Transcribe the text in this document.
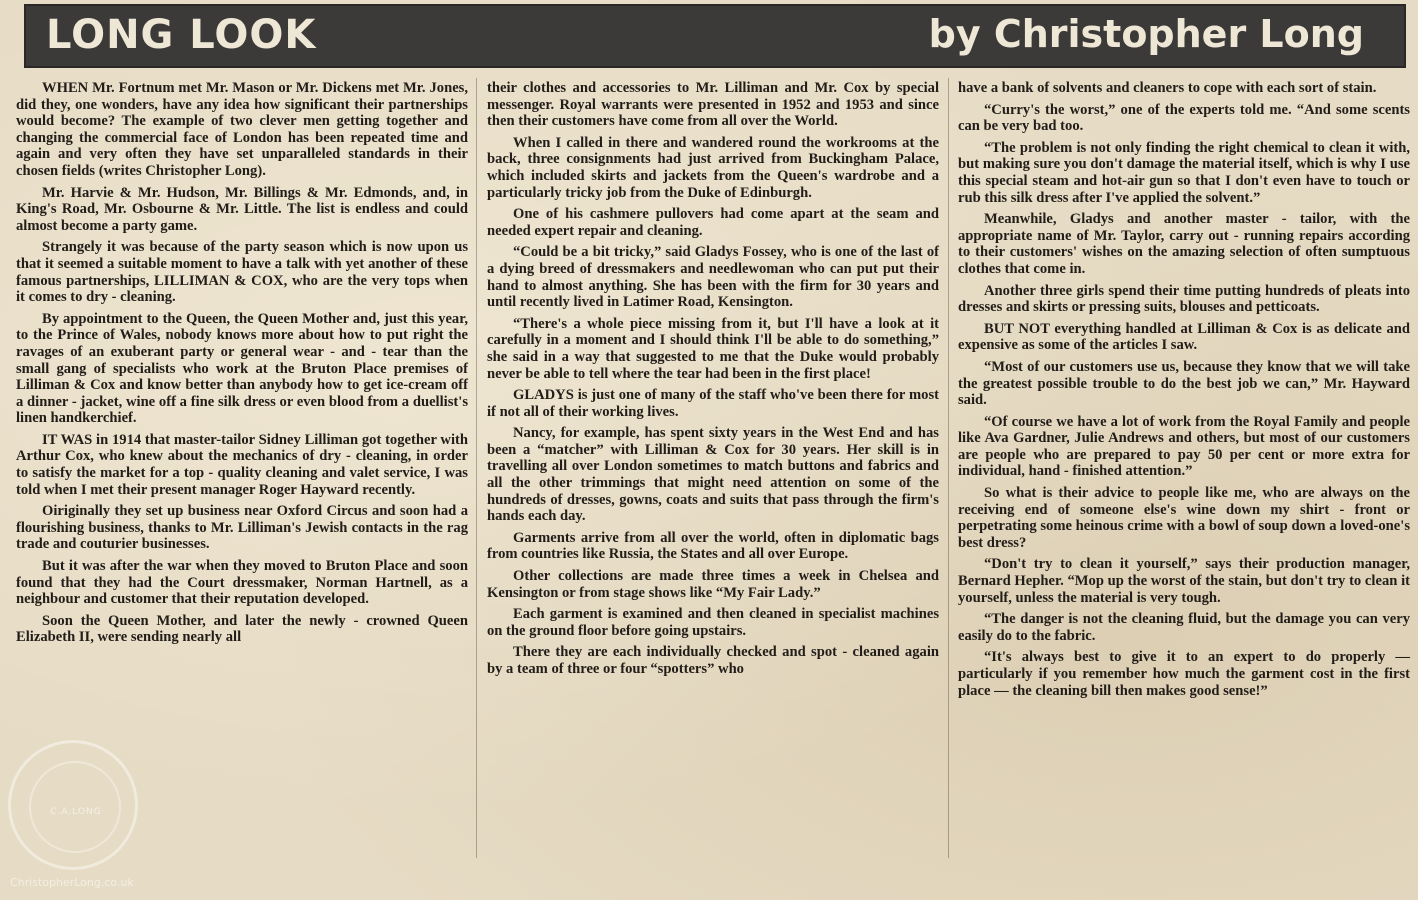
LONG LOOK	by Christopher Long

WHEN Mr. Fortnum met Mr. Mason or Mr. Dickens met Mr. Jones, did they, one wonders, have any idea how significant their partnerships would become? The example of two clever men getting together and changing the commercial face of London has been repeated time and again and very often they have set unparalleled standards in their chosen fields (writes Christopher Long).

Mr. Harvie & Mr. Hudson, Mr. Billings & Mr. Edmonds, and, in King's Road, Mr. Osbourne & Mr. Little. The list is endless and could almost become a party game.

Strangely it was because of the party season which is now upon us that it seemed a suitable moment to have a talk with yet another of these famous partnerships, LILLIMAN & COX, who are the very tops when it comes to dry - cleaning.

By appointment to the Queen, the Queen Mother and, just this year, to the Prince of Wales, nobody knows more about how to put right the ravages of an exuberant party or general wear - and - tear than the small gang of specialists who work at the Bruton Place premises of Lilliman & Cox and know better than anybody how to get ice-cream off a dinner - jacket, wine off a fine silk dress or even blood from a duellist's linen handkerchief.

IT WAS in 1914 that master-tailor Sidney Lilliman got together with Arthur Cox, who knew about the mechanics of dry - cleaning, in order to satisfy the market for a top - quality cleaning and valet service, I was told when I met their present manager Roger Hayward recently.

Oiriginally they set up business near Oxford Circus and soon had a flourishing business, thanks to Mr. Lilliman's Jewish contacts in the rag trade and couturier businesses.

But it was after the war when they moved to Bruton Place and soon found that they had the Court dressmaker, Norman Hartnell, as a neighbour and customer that their reputation developed.

Soon the Queen Mother, and later the newly - crowned Queen Elizabeth II, were sending nearly all

their clothes and accessories to Mr. Lilliman and Mr. Cox by special messenger. Royal warrants were presented in 1952 and 1953 and since then their customers have come from all over the World.

When I called in there and wandered round the workrooms at the back, three consignments had just arrived from Buckingham Palace, which included skirts and jackets from the Queen's wardrobe and a particularly tricky job from the Duke of Edinburgh.

One of his cashmere pullovers had come apart at the seam and needed expert repair and cleaning.

“Could be a bit tricky,” said Gladys Fossey, who is one of the last of a dying breed of dressmakers and needlewoman who can put put their hand to almost anything. She has been with the firm for 30 years and until recently lived in Latimer Road, Kensington.

“There's a whole piece missing from it, but I'll have a look at it carefully in a moment and I should think I'll be able to do something,” she said in a way that suggested to me that the Duke would probably never be able to tell where the tear had been in the first place!

GLADYS is just one of many of the staff who've been there for most if not all of their working lives.

Nancy, for example, has spent sixty years in the West End and has been a “matcher” with Lilliman & Cox for 30 years. Her skill is in travelling all over London sometimes to match buttons and fabrics and all the other trimmings that might need attention on some of the hundreds of dresses, gowns, coats and suits that pass through the firm's hands each day.

Garments arrive from all over the world, often in diplomatic bags from countries like Russia, the States and all over Europe.

Other collections are made three times a week in Chelsea and Kensington or from stage shows like “My Fair Lady.”

Each garment is examined and then cleaned in specialist machines on the ground floor before going upstairs.

There they are each individually checked and spot - cleaned again by a team of three or four “spotters” who

have a bank of solvents and cleaners to cope with each sort of stain.

“Curry's the worst,” one of the experts told me. “And some scents can be very bad too.

“The problem is not only finding the right chemical to clean it with, but making sure you don't damage the material itself, which is why I use this special steam and hot-air gun so that I don't even have to touch or rub this silk dress after I've applied the solvent.”

Meanwhile, Gladys and another master - tailor, with the appropriate name of Mr. Taylor, carry out - running repairs according to their customers' wishes on the amazing selection of often sumptuous clothes that come in.

Another three girls spend their time putting hundreds of pleats into dresses and skirts or pressing suits, blouses and petticoats.

BUT NOT everything handled at Lilliman & Cox is as delicate and expensive as some of the articles I saw.

“Most of our customers use us, because they know that we will take the greatest possible trouble to do the best job we can,” Mr. Hayward said.

“Of course we have a lot of work from the Royal Family and people like Ava Gardner, Julie Andrews and others, but most of our customers are people who are prepared to pay 50 per cent or more extra for individual, hand - finished attention.”

So what is their advice to people like me, who are always on the receiving end of someone else's wine down my shirt - front or perpetrating some heinous crime with a bowl of soup down a loved-one's best dress?

“Don't try to clean it yourself,” says their production manager, Bernard Hepher. “Mop up the worst of the stain, but don't try to clean it yourself, unless the material is very tough.

“The danger is not the cleaning fluid, but the damage you can very easily do to the fabric.

“It's always best to give it to an expert to do properly — particularly if you remember how much the garment cost in the first place — the cleaning bill then makes good sense!”

C.A.LONG
ChristopherLong.co.uk
